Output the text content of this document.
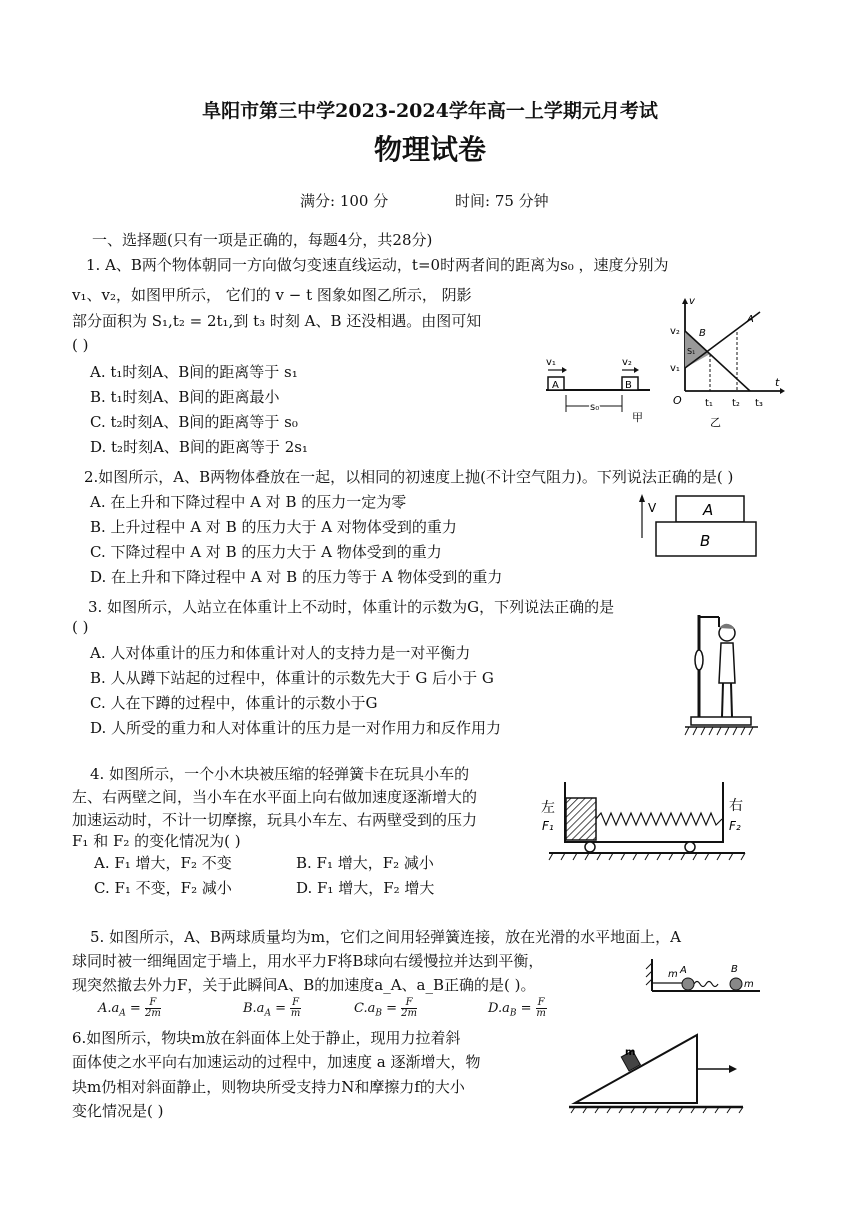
阜阳市第三中学2023-2024学年高一上学期元月考试
物理试卷
满分: 100 分	时间: 75 分钟
一、选择题(只有一项是正确的，每题4分，共28分)
1. A、B两个物体朝同一方向做匀变速直线运动，t=0时两者间的距离为s₀ ，速度分别为
v₁、v₂，如图甲所示， 它们的 v − t 图象如图乙所示， 阴影
部分面积为 S₁,t₂ = 2t₁,到 t₃ 时刻 A、B 还没相遇。由图可知
( )
A. t₁时刻A、B间的距离等于 s₁
B. t₁时刻A、B间的距离最小
C. t₂时刻A、B间的距离等于 s₀
D. t₂时刻A、B间的距离等于 2s₁
A	B
v₁	v₂
s₀
甲
v
t
O
v₂
v₁
B
A
S₁
t₁ t₂ t₃
乙
2.如图所示，A、B两物体叠放在一起，以相同的初速度上抛(不计空气阻力)。下列说法正确的是( )
A. 在上升和下降过程中 A 对 B 的压力一定为零
B. 上升过程中 A 对 B 的压力大于 A 对物体受到的重力
C. 下降过程中 A 对 B 的压力大于 A 物体受到的重力
D. 在上升和下降过程中 A 对 B 的压力等于 A 物体受到的重力
V	A
B
3. 如图所示，人站立在体重计上不动时，体重计的示数为G，下列说法正确的是
( )
A. 人对体重计的压力和体重计对人的支持力是一对平衡力
B. 人从蹲下站起的过程中，体重计的示数先大于 G 后小于 G
C. 人在下蹲的过程中，体重计的示数小于G
D. 人所受的重力和人对体重计的压力是一对作用力和反作用力
4. 如图所示，一个小木块被压缩的轻弹簧卡在玩具小车的
左、右两壁之间，当小车在水平面上向右做加速度逐渐增大的
加速运动时，不计一切摩擦，玩具小车左、右两壁受到的压力
F₁ 和 F₂ 的变化情况为( )
A. F₁ 增大，F₂ 不变	B. F₁ 增大，F₂ 减小
C. F₁ 不变，F₂ 减小	D. F₁ 增大，F₂ 增大
左
F₁
右
F₂
5. 如图所示，A、B两球质量均为m，它们之间用轻弹簧连接，放在光滑的水平地面上，A
球同时被一细绳固定于墙上，用水平力F将B球向右缓慢拉并达到平衡，
现突然撤去外力F，关于此瞬间A、B的加速度a_A、a_B正确的是( )。
$A.a_A = \frac{F}{2m}$	$B.a_A = \frac{F}{m}$	$C.a_B = \frac{F}{2m}$	$D.a_B = \frac{F}{m}$
m A	B
m
6.如图所示，物块m放在斜面体上处于静止，现用力拉着斜
面体使之水平向右加速运动的过程中，加速度 a 逐渐增大，物
块m仍相对斜面静止，则物块所受支持力N和摩擦力f的大小
变化情况是( )
m
